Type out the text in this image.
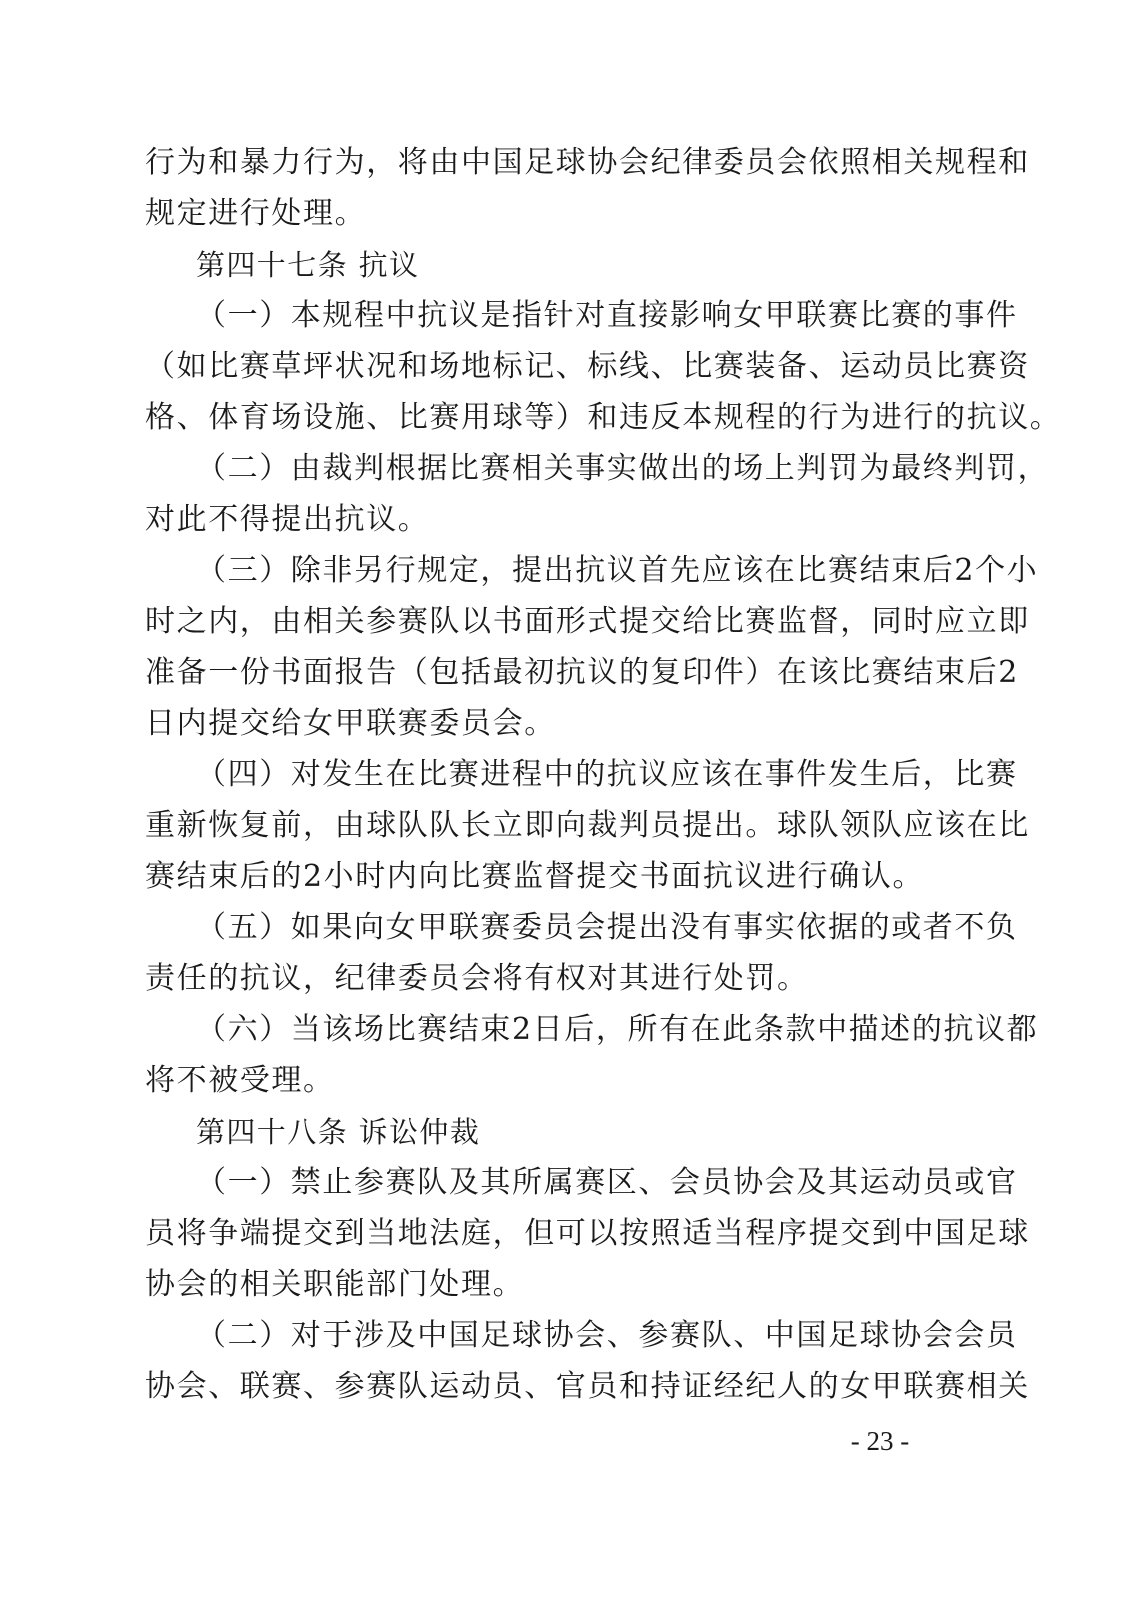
行为和暴力行为，将由中国足球协会纪律委员会依照相关规程和
规定进行处理。
第四十七条 抗议
（一）本规程中抗议是指针对直接影响女甲联赛比赛的事件
（如比赛草坪状况和场地标记、标线、比赛装备、运动员比赛资
格、体育场设施、比赛用球等）和违反本规程的行为进行的抗议。
（二）由裁判根据比赛相关事实做出的场上判罚为最终判罚，
对此不得提出抗议。
（三）除非另行规定，提出抗议首先应该在比赛结束后2个小
时之内，由相关参赛队以书面形式提交给比赛监督，同时应立即
准备一份书面报告（包括最初抗议的复印件）在该比赛结束后2
日内提交给女甲联赛委员会。
（四）对发生在比赛进程中的抗议应该在事件发生后，比赛
重新恢复前，由球队队长立即向裁判员提出。球队领队应该在比
赛结束后的2小时内向比赛监督提交书面抗议进行确认。
（五）如果向女甲联赛委员会提出没有事实依据的或者不负
责任的抗议，纪律委员会将有权对其进行处罚。
（六）当该场比赛结束2日后，所有在此条款中描述的抗议都
将不被受理。
第四十八条 诉讼仲裁
（一）禁止参赛队及其所属赛区、会员协会及其运动员或官
员将争端提交到当地法庭，但可以按照适当程序提交到中国足球
协会的相关职能部门处理。
（二）对于涉及中国足球协会、参赛队、中国足球协会会员
协会、联赛、参赛队运动员、官员和持证经纪人的女甲联赛相关
- 23 -
